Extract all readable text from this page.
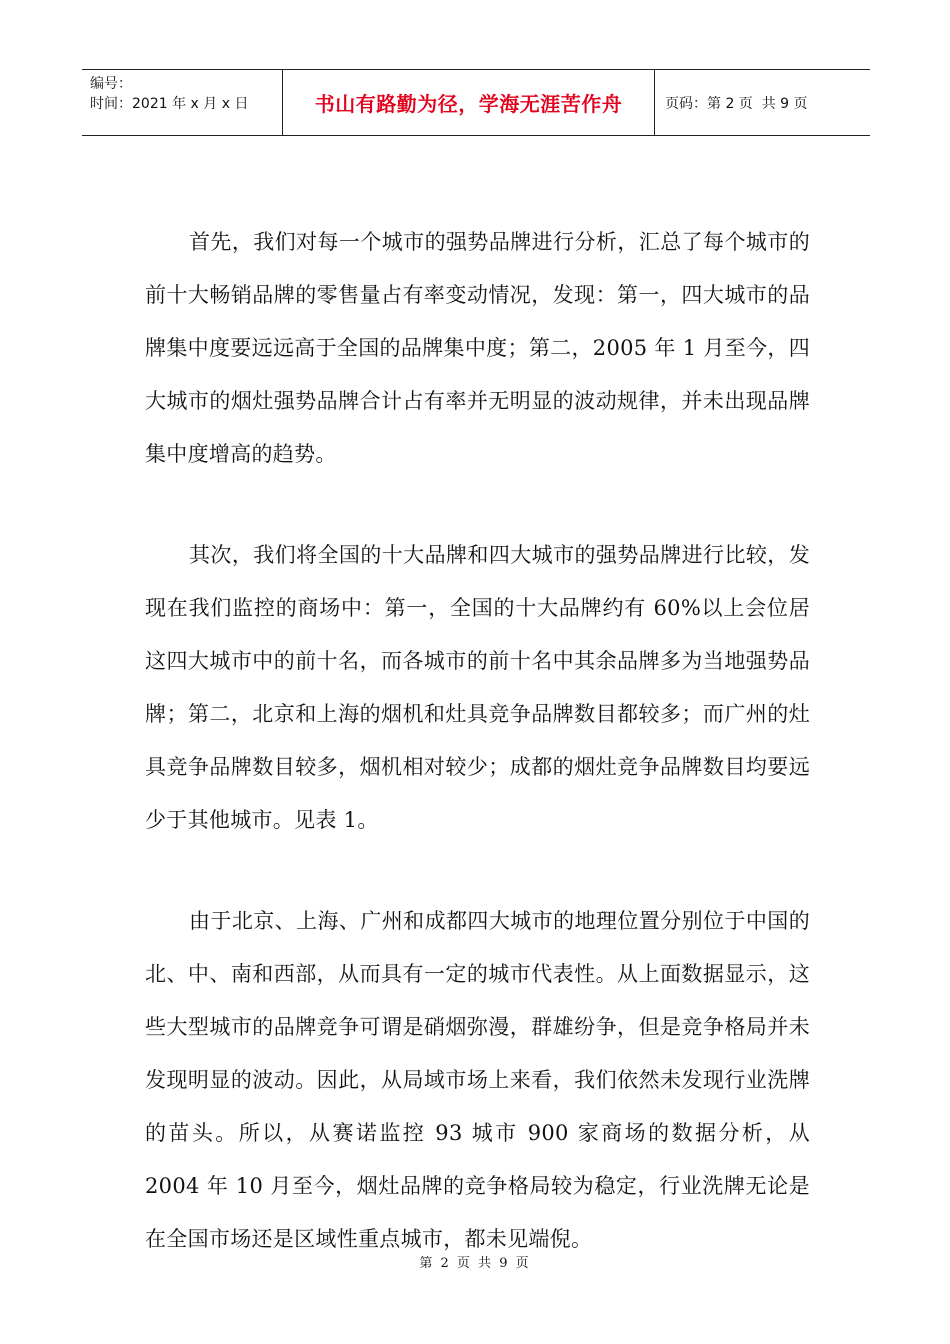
编号：
时间：2021 年 x 月 x 日	书山有路勤为径，学海无涯苦作舟	页码：第 2 页  共 9 页

首先，我们对每一个城市的强势品牌进行分析，汇总了每个城市的前十大畅销品牌的零售量占有率变动情况，发现：第一，四大城市的品牌集中度要远远高于全国的品牌集中度；第二，2005 年 1 月至今，四大城市的烟灶强势品牌合计占有率并无明显的波动规律，并未出现品牌集中度增高的趋势。

其次，我们将全国的十大品牌和四大城市的强势品牌进行比较，发现在我们监控的商场中：第一，全国的十大品牌约有 60%以上会位居这四大城市中的前十名，而各城市的前十名中其余品牌多为当地强势品牌；第二，北京和上海的烟机和灶具竞争品牌数目都较多；而广州的灶具竞争品牌数目较多，烟机相对较少；成都的烟灶竞争品牌数目均要远少于其他城市。见表 1。

由于北京、上海、广州和成都四大城市的地理位置分别位于中国的北、中、南和西部，从而具有一定的城市代表性。从上面数据显示，这些大型城市的品牌竞争可谓是硝烟弥漫，群雄纷争，但是竞争格局并未发现明显的波动。因此，从局域市场上来看，我们依然未发现行业洗牌的苗头。所以，从赛诺监控 93 城市 900 家商场的数据分析，从 2004 年 10 月至今，烟灶品牌的竞争格局较为稳定，行业洗牌无论是在全国市场还是区域性重点城市，都未见端倪。

第 2 页 共 9 页
